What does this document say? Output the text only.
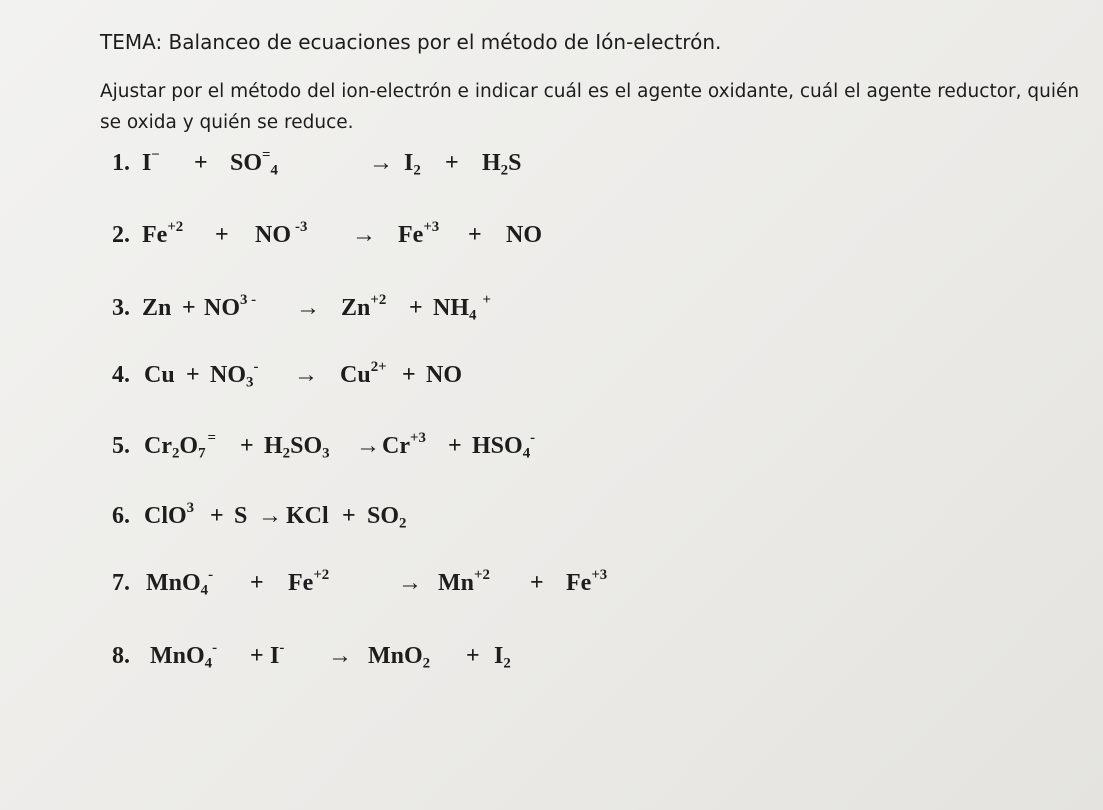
TEMA: Balanceo de ecuaciones por el método de Ión-electrón.
Ajustar por el método del ion-electrón e indicar cuál es el agente oxidante, cuál el agente reductor, quién se oxida y quién se reduce.
1. $I^- + SO^=_4$	→ $I_2 + H_2S$
2. $Fe^{+2}$ + NO $^{-3} \to Fe^{+3}$ + NO
3. $Zn + NO^{3 -} \to Zn^{+2} + NH_4^+$
4. $Cu + NO_3^- \to Cu^{2+}$ + NO
5. $Cr_2O_7^= + H_2SO_3 \to Cr^{+3} + HSO_4^-$
6. ClO$^3$ + S → KCl + $SO_2$
7. $MnO_4^- + Fe^{+2}$	→ $Mn^{+2} + Fe^{+3}$
8. $MnO_4^- + I^- \to MnO_2 + I_2$
